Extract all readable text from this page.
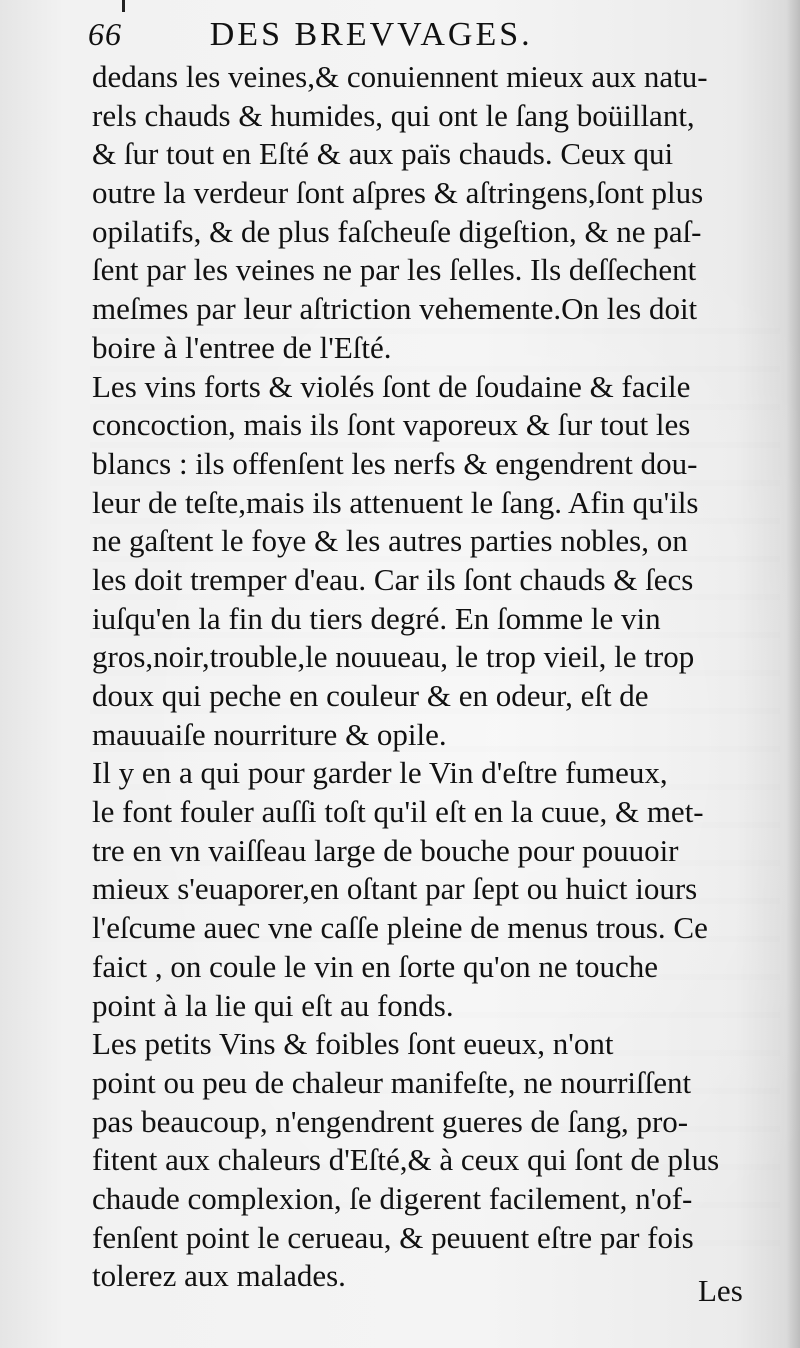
66	DES BREVVAGES.
dedans les veines,& conuiennent mieux aux natu-
rels chauds & humides, qui ont le ſang boüillant,
& ſur tout en Eſté & aux païs chauds. Ceux qui
outre la verdeur ſont aſpres & aſtringens,ſont plus
opilatifs, & de plus faſcheuſe digeſtion, & ne paſ-
ſent par les veines ne par les ſelles. Ils deſſechent
meſmes par leur aſtriction vehemente.On les doit
boire à l'entree de l'Eſté.
Les vins forts & violés ſont de ſoudaine & facile
concoction, mais ils ſont vaporeux & ſur tout les
blancs : ils offenſent les nerfs & engendrent dou-
leur de teſte,mais ils attenuent le ſang. Afin qu'ils
ne gaſtent le foye & les autres parties nobles, on
les doit tremper d'eau. Car ils ſont chauds & ſecs
iuſqu'en la fin du tiers degré. En ſomme le vin
gros,noir,trouble,le nouueau, le trop vieil, le trop
doux qui peche en couleur & en odeur, eſt de
mauuaiſe nourriture & opile.
Il y en a qui pour garder le Vin d'eſtre fumeux,
le font fouler auſſi toſt qu'il eſt en la cuue, & met-
tre en vn vaiſſeau large de bouche pour pouuoir
mieux s'euaporer,en oſtant par ſept ou huict iours
l'eſcume auec vne caſſe pleine de menus trous. Ce
faict , on coule le vin en ſorte qu'on ne touche
point à la lie qui eſt au fonds.
Les petits Vins & foibles ſont eueux, n'ont
point ou peu de chaleur manifeſte, ne nourriſſent
pas beaucoup, n'engendrent gueres de ſang, pro-
fitent aux chaleurs d'Eſté,& à ceux qui ſont de plus
chaude complexion, ſe digerent facilement, n'of-
fenſent point le cerueau, & peuuent eſtre par fois
tolerez aux malades.	Les
